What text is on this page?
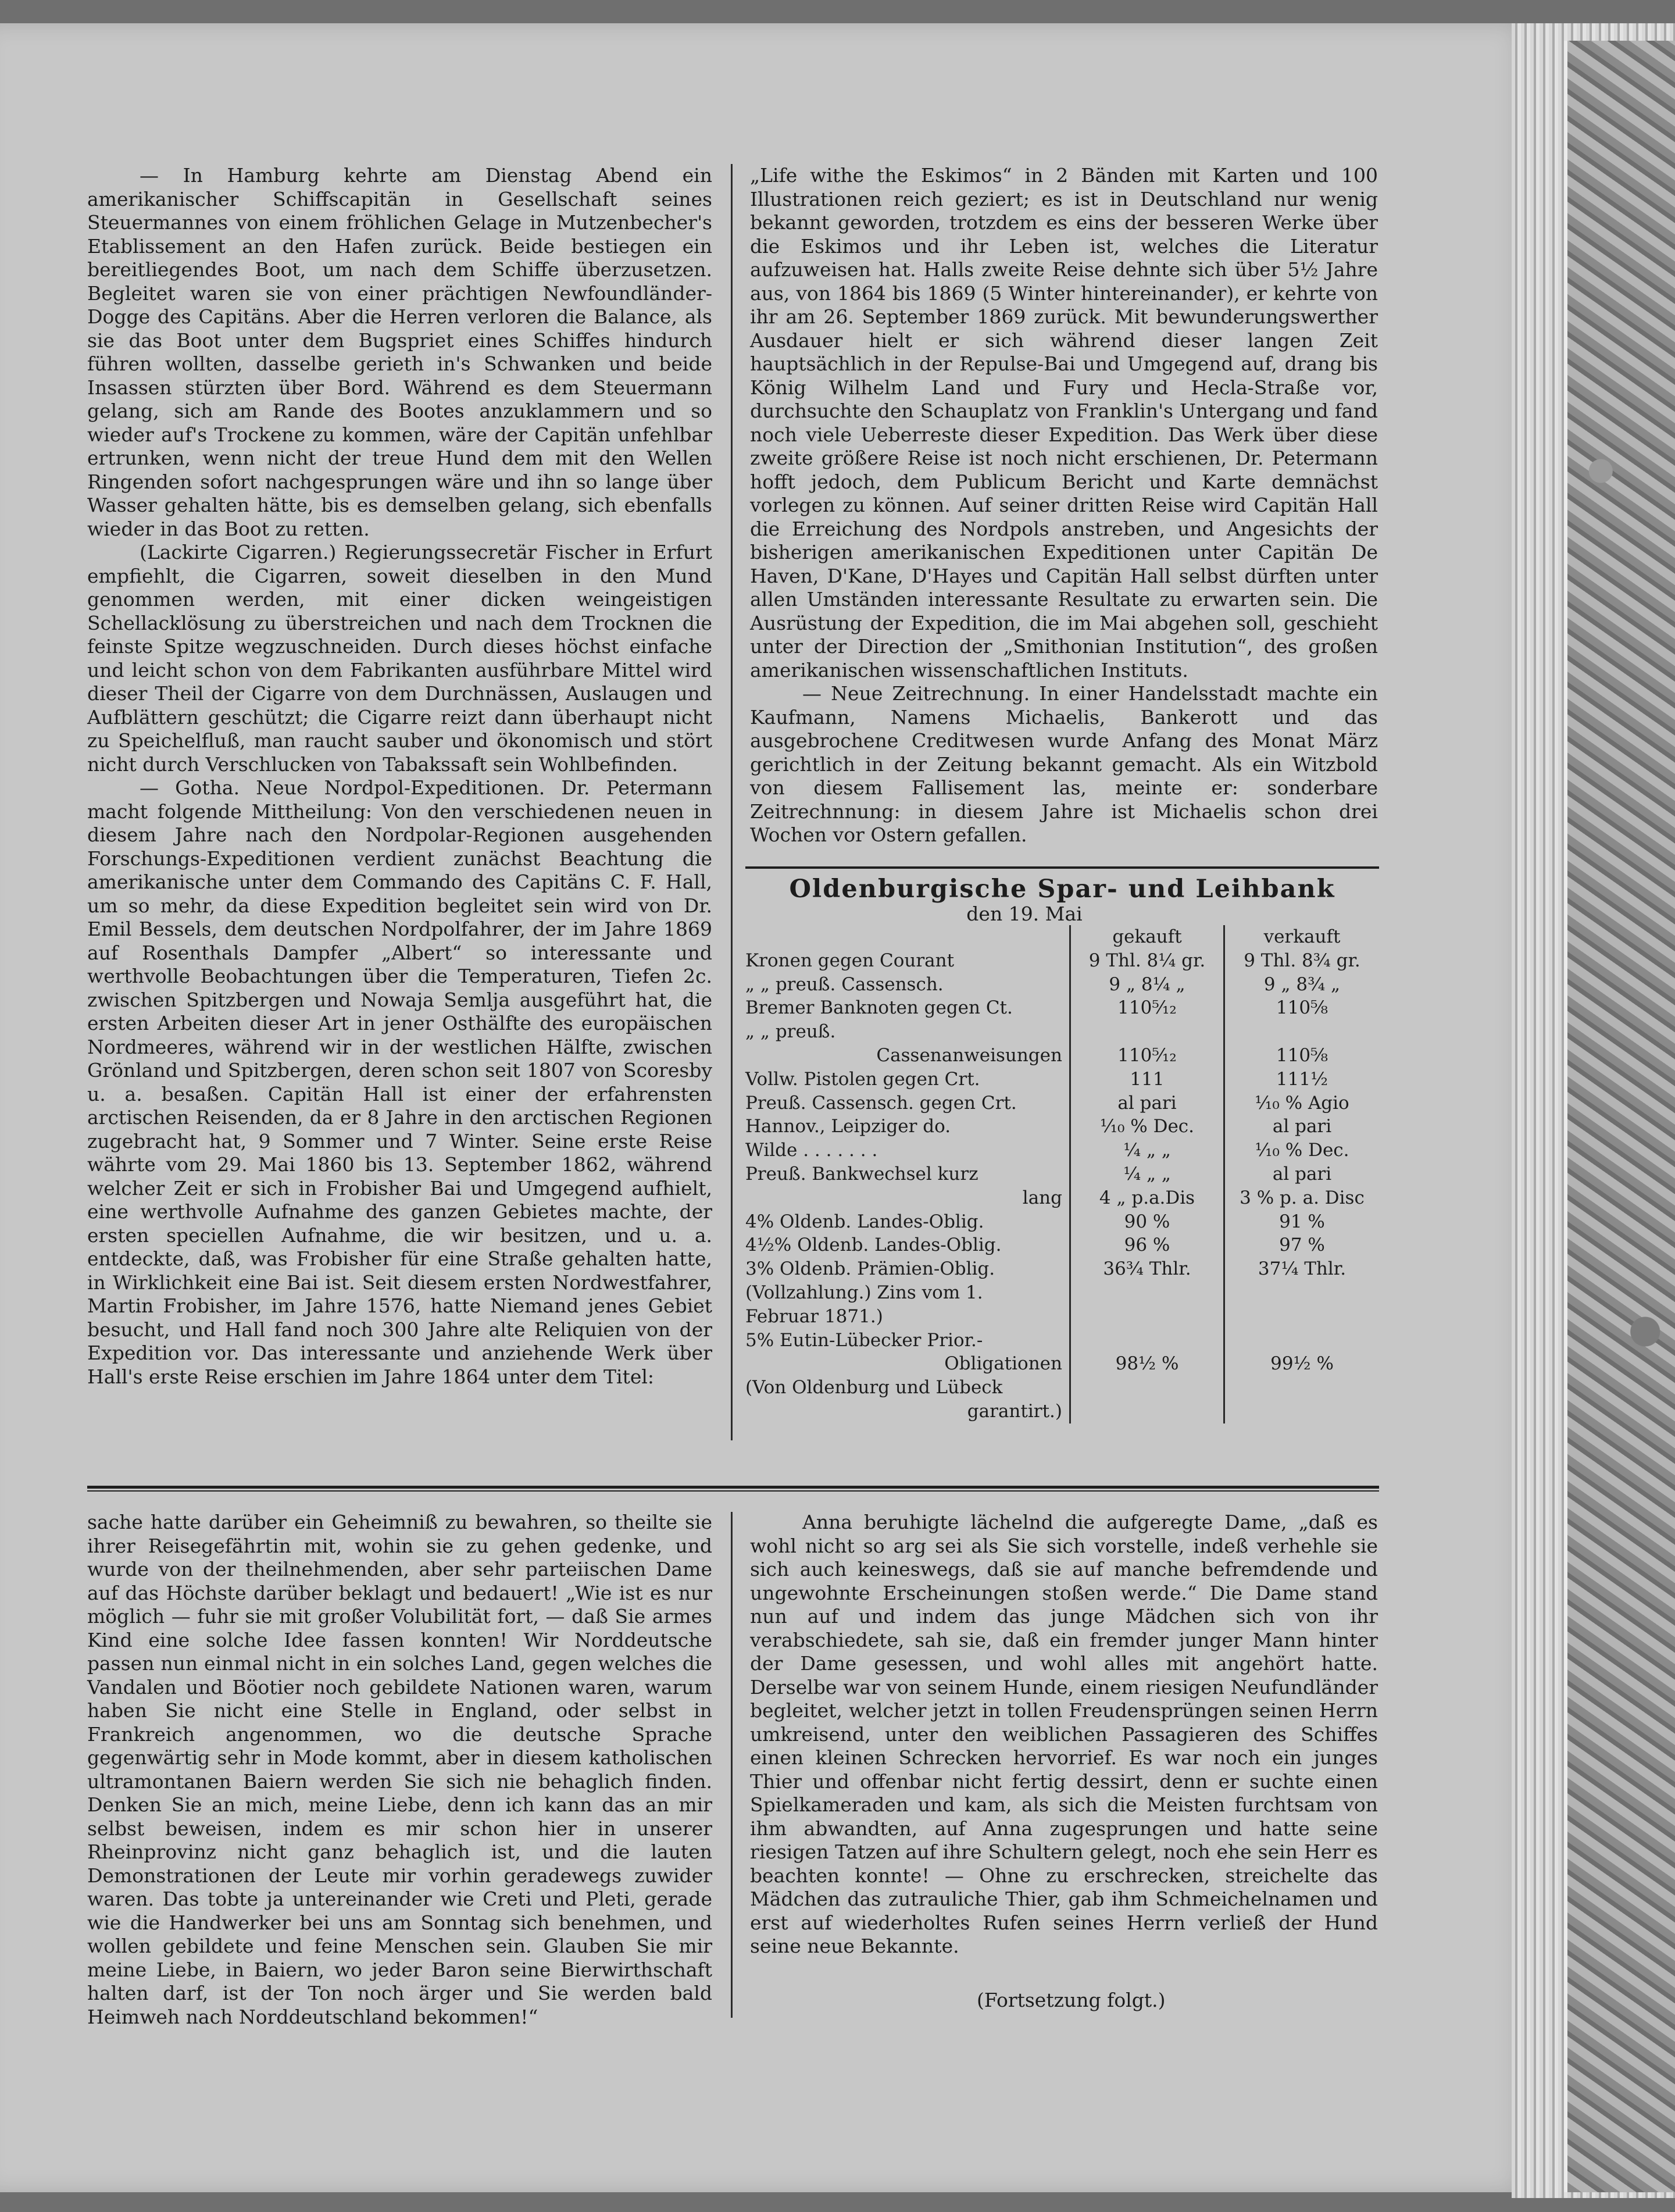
— In Hamburg kehrte am Dienstag Abend ein amerikanischer Schiffscapitän in Gesellschaft seines Steuermannes von einem fröhlichen Gelage in Mutzenbecher's Etablissement an den Hafen zurück. Beide bestiegen ein bereitliegendes Boot, um nach dem Schiffe überzusetzen. Begleitet waren sie von einer prächtigen Newfoundländer-Dogge des Capitäns. Aber die Herren verloren die Balance, als sie das Boot unter dem Bugspriet eines Schiffes hindurch führen wollten, dasselbe gerieth in's Schwanken und beide Insassen stürzten über Bord. Während es dem Steuermann gelang, sich am Rande des Bootes anzuklammern und so wieder auf's Trockene zu kommen, wäre der Capitän unfehlbar ertrunken, wenn nicht der treue Hund dem mit den Wellen Ringenden sofort nachgesprungen wäre und ihn so lange über Wasser gehalten hätte, bis es demselben gelang, sich ebenfalls wieder in das Boot zu retten.

(Lackirte Cigarren.) Regierungssecretär Fischer in Erfurt empfiehlt, die Cigarren, soweit dieselben in den Mund genommen werden, mit einer dicken weingeistigen Schellacklösung zu überstreichen und nach dem Trocknen die feinste Spitze wegzuschneiden. Durch dieses höchst einfache und leicht schon von dem Fabrikanten ausführbare Mittel wird dieser Theil der Cigarre von dem Durchnässen, Auslaugen und Aufblättern geschützt; die Cigarre reizt dann überhaupt nicht zu Speichelfluß, man raucht sauber und ökonomisch und stört nicht durch Verschlucken von Tabakssaft sein Wohlbefinden.

— Gotha. Neue Nordpol-Expeditionen. Dr. Petermann macht folgende Mittheilung: Von den verschiedenen neuen in diesem Jahre nach den Nordpolar-Regionen ausgehenden Forschungs-Expeditionen verdient zunächst Beachtung die amerikanische unter dem Commando des Capitäns C. F. Hall, um so mehr, da diese Expedition begleitet sein wird von Dr. Emil Bessels, dem deutschen Nordpolfahrer, der im Jahre 1869 auf Rosenthals Dampfer „Albert“ so interessante und werthvolle Beobachtungen über die Temperaturen, Tiefen 2c. zwischen Spitzbergen und Nowaja Semlja ausgeführt hat, die ersten Arbeiten dieser Art in jener Osthälfte des europäischen Nordmeeres, während wir in der westlichen Hälfte, zwischen Grönland und Spitzbergen, deren schon seit 1807 von Scoresby u. a. besaßen. Capitän Hall ist einer der erfahrensten arctischen Reisenden, da er 8 Jahre in den arctischen Regionen zugebracht hat, 9 Sommer und 7 Winter. Seine erste Reise währte vom 29. Mai 1860 bis 13. September 1862, während welcher Zeit er sich in Frobisher Bai und Umgegend aufhielt, eine werthvolle Aufnahme des ganzen Gebietes machte, der ersten speciellen Aufnahme, die wir besitzen, und u. a. entdeckte, daß, was Frobisher für eine Straße gehalten hatte, in Wirklichkeit eine Bai ist. Seit diesem ersten Nordwestfahrer, Martin Frobisher, im Jahre 1576, hatte Niemand jenes Gebiet besucht, und Hall fand noch 300 Jahre alte Reliquien von der Expedition vor. Das interessante und anziehende Werk über Hall's erste Reise erschien im Jahre 1864 unter dem Titel:

„Life withe the Eskimos“ in 2 Bänden mit Karten und 100 Illustrationen reich geziert; es ist in Deutschland nur wenig bekannt geworden, trotzdem es eins der besseren Werke über die Eskimos und ihr Leben ist, welches die Literatur aufzuweisen hat. Halls zweite Reise dehnte sich über 5½ Jahre aus, von 1864 bis 1869 (5 Winter hintereinander), er kehrte von ihr am 26. September 1869 zurück. Mit bewunderungswerther Ausdauer hielt er sich während dieser langen Zeit hauptsächlich in der Repulse-Bai und Umgegend auf, drang bis König Wilhelm Land und Fury und Hecla-Straße vor, durchsuchte den Schauplatz von Franklin's Untergang und fand noch viele Ueberreste dieser Expedition. Das Werk über diese zweite größere Reise ist noch nicht erschienen, Dr. Petermann hofft jedoch, dem Publicum Bericht und Karte demnächst vorlegen zu können. Auf seiner dritten Reise wird Capitän Hall die Erreichung des Nordpols anstreben, und Angesichts der bisherigen amerikanischen Expeditionen unter Capitän De Haven, D'Kane, D'Hayes und Capitän Hall selbst dürften unter allen Umständen interessante Resultate zu erwarten sein. Die Ausrüstung der Expedition, die im Mai abgehen soll, geschieht unter der Direction der „Smithonian Institution“, des großen amerikanischen wissenschaftlichen Instituts.

— Neue Zeitrechnung. In einer Handelsstadt machte ein Kaufmann, Namens Michaelis, Bankerott und das ausgebrochene Creditwesen wurde Anfang des Monat März gerichtlich in der Zeitung bekannt gemacht. Als ein Witzbold von diesem Fallisement las, meinte er: sonderbare Zeitrechnnung: in diesem Jahre ist Michaelis schon drei Wochen vor Ostern gefallen.

Oldenburgische Spar- und Leihbank
den 19. Mai
	gekauft	verkauft
Kronen gegen Courant	9 Thl. 8¼ gr.	9 Thl. 8¾ gr.
„ „ preuß. Cassensch.	9 „ 8¼ „	9 „ 8¾ „
Bremer Banknoten gegen Ct.	110⁵⁄₁₂	110⁵⁄₈
„ „ preuß.		
Cassenanweisungen	110⁵⁄₁₂	110⁵⁄₈
Vollw. Pistolen gegen Crt.	111	111½
Preuß. Cassensch. gegen Crt.	al pari	¹⁄₁₀ % Agio
Hannov., Leipziger do.	¹⁄₁₀ % Dec.	al pari
Wilde . . . . . . .	¼ „ „	¹⁄₁₀ % Dec.
Preuß. Bankwechsel kurz	¼ „ „	al pari
lang	4 „ p.a.Dis	3 % p. a. Disc
4% Oldenb. Landes-Oblig.	90 %	91 %
4½% Oldenb. Landes-Oblig.	96 %	97 %
3% Oldenb. Prämien-Oblig.	36¾ Thlr.	37¼ Thlr.
(Vollzahlung.) Zins vom 1.		
Februar 1871.)		
5% Eutin-Lübecker Prior.-		
Obligationen	98½ %	99½ %
(Von Oldenburg und Lübeck		
garantirt.)		

sache hatte darüber ein Geheimniß zu bewahren, so theilte sie ihrer Reisegefährtin mit, wohin sie zu gehen gedenke, und wurde von der theilnehmenden, aber sehr parteiischen Dame auf das Höchste darüber beklagt und bedauert! „Wie ist es nur möglich — fuhr sie mit großer Volubilität fort, — daß Sie armes Kind eine solche Idee fassen konnten! Wir Norddeutsche passen nun einmal nicht in ein solches Land, gegen welches die Vandalen und Böotier noch gebildete Nationen waren, warum haben Sie nicht eine Stelle in England, oder selbst in Frankreich angenommen, wo die deutsche Sprache gegenwärtig sehr in Mode kommt, aber in diesem katholischen ultramontanen Baiern werden Sie sich nie behaglich finden. Denken Sie an mich, meine Liebe, denn ich kann das an mir selbst beweisen, indem es mir schon hier in unserer Rheinprovinz nicht ganz behaglich ist, und die lauten Demonstrationen der Leute mir vorhin geradewegs zuwider waren. Das tobte ja untereinander wie Creti und Pleti, gerade wie die Handwerker bei uns am Sonntag sich benehmen, und wollen gebildete und feine Menschen sein. Glauben Sie mir meine Liebe, in Baiern, wo jeder Baron seine Bierwirthschaft halten darf, ist der Ton noch ärger und Sie werden bald Heimweh nach Norddeutschland bekommen!“

Anna beruhigte lächelnd die aufgeregte Dame, „daß es wohl nicht so arg sei als Sie sich vorstelle, indeß verhehle sie sich auch keineswegs, daß sie auf manche befremdende und ungewohnte Erscheinungen stoßen werde.“ Die Dame stand nun auf und indem das junge Mädchen sich von ihr verabschiedete, sah sie, daß ein fremder junger Mann hinter der Dame gesessen, und wohl alles mit angehört hatte. Derselbe war von seinem Hunde, einem riesigen Neufundländer begleitet, welcher jetzt in tollen Freudensprüngen seinen Herrn umkreisend, unter den weiblichen Passagieren des Schiffes einen kleinen Schrecken hervorrief. Es war noch ein junges Thier und offenbar nicht fertig dessirt, denn er suchte einen Spielkameraden und kam, als sich die Meisten furchtsam von ihm abwandten, auf Anna zugesprungen und hatte seine riesigen Tatzen auf ihre Schultern gelegt, noch ehe sein Herr es beachten konnte! — Ohne zu erschrecken, streichelte das Mädchen das zutrauliche Thier, gab ihm Schmeichelnamen und erst auf wiederholtes Rufen seines Herrn verließ der Hund seine neue Bekannte.

(Fortsetzung folgt.)
